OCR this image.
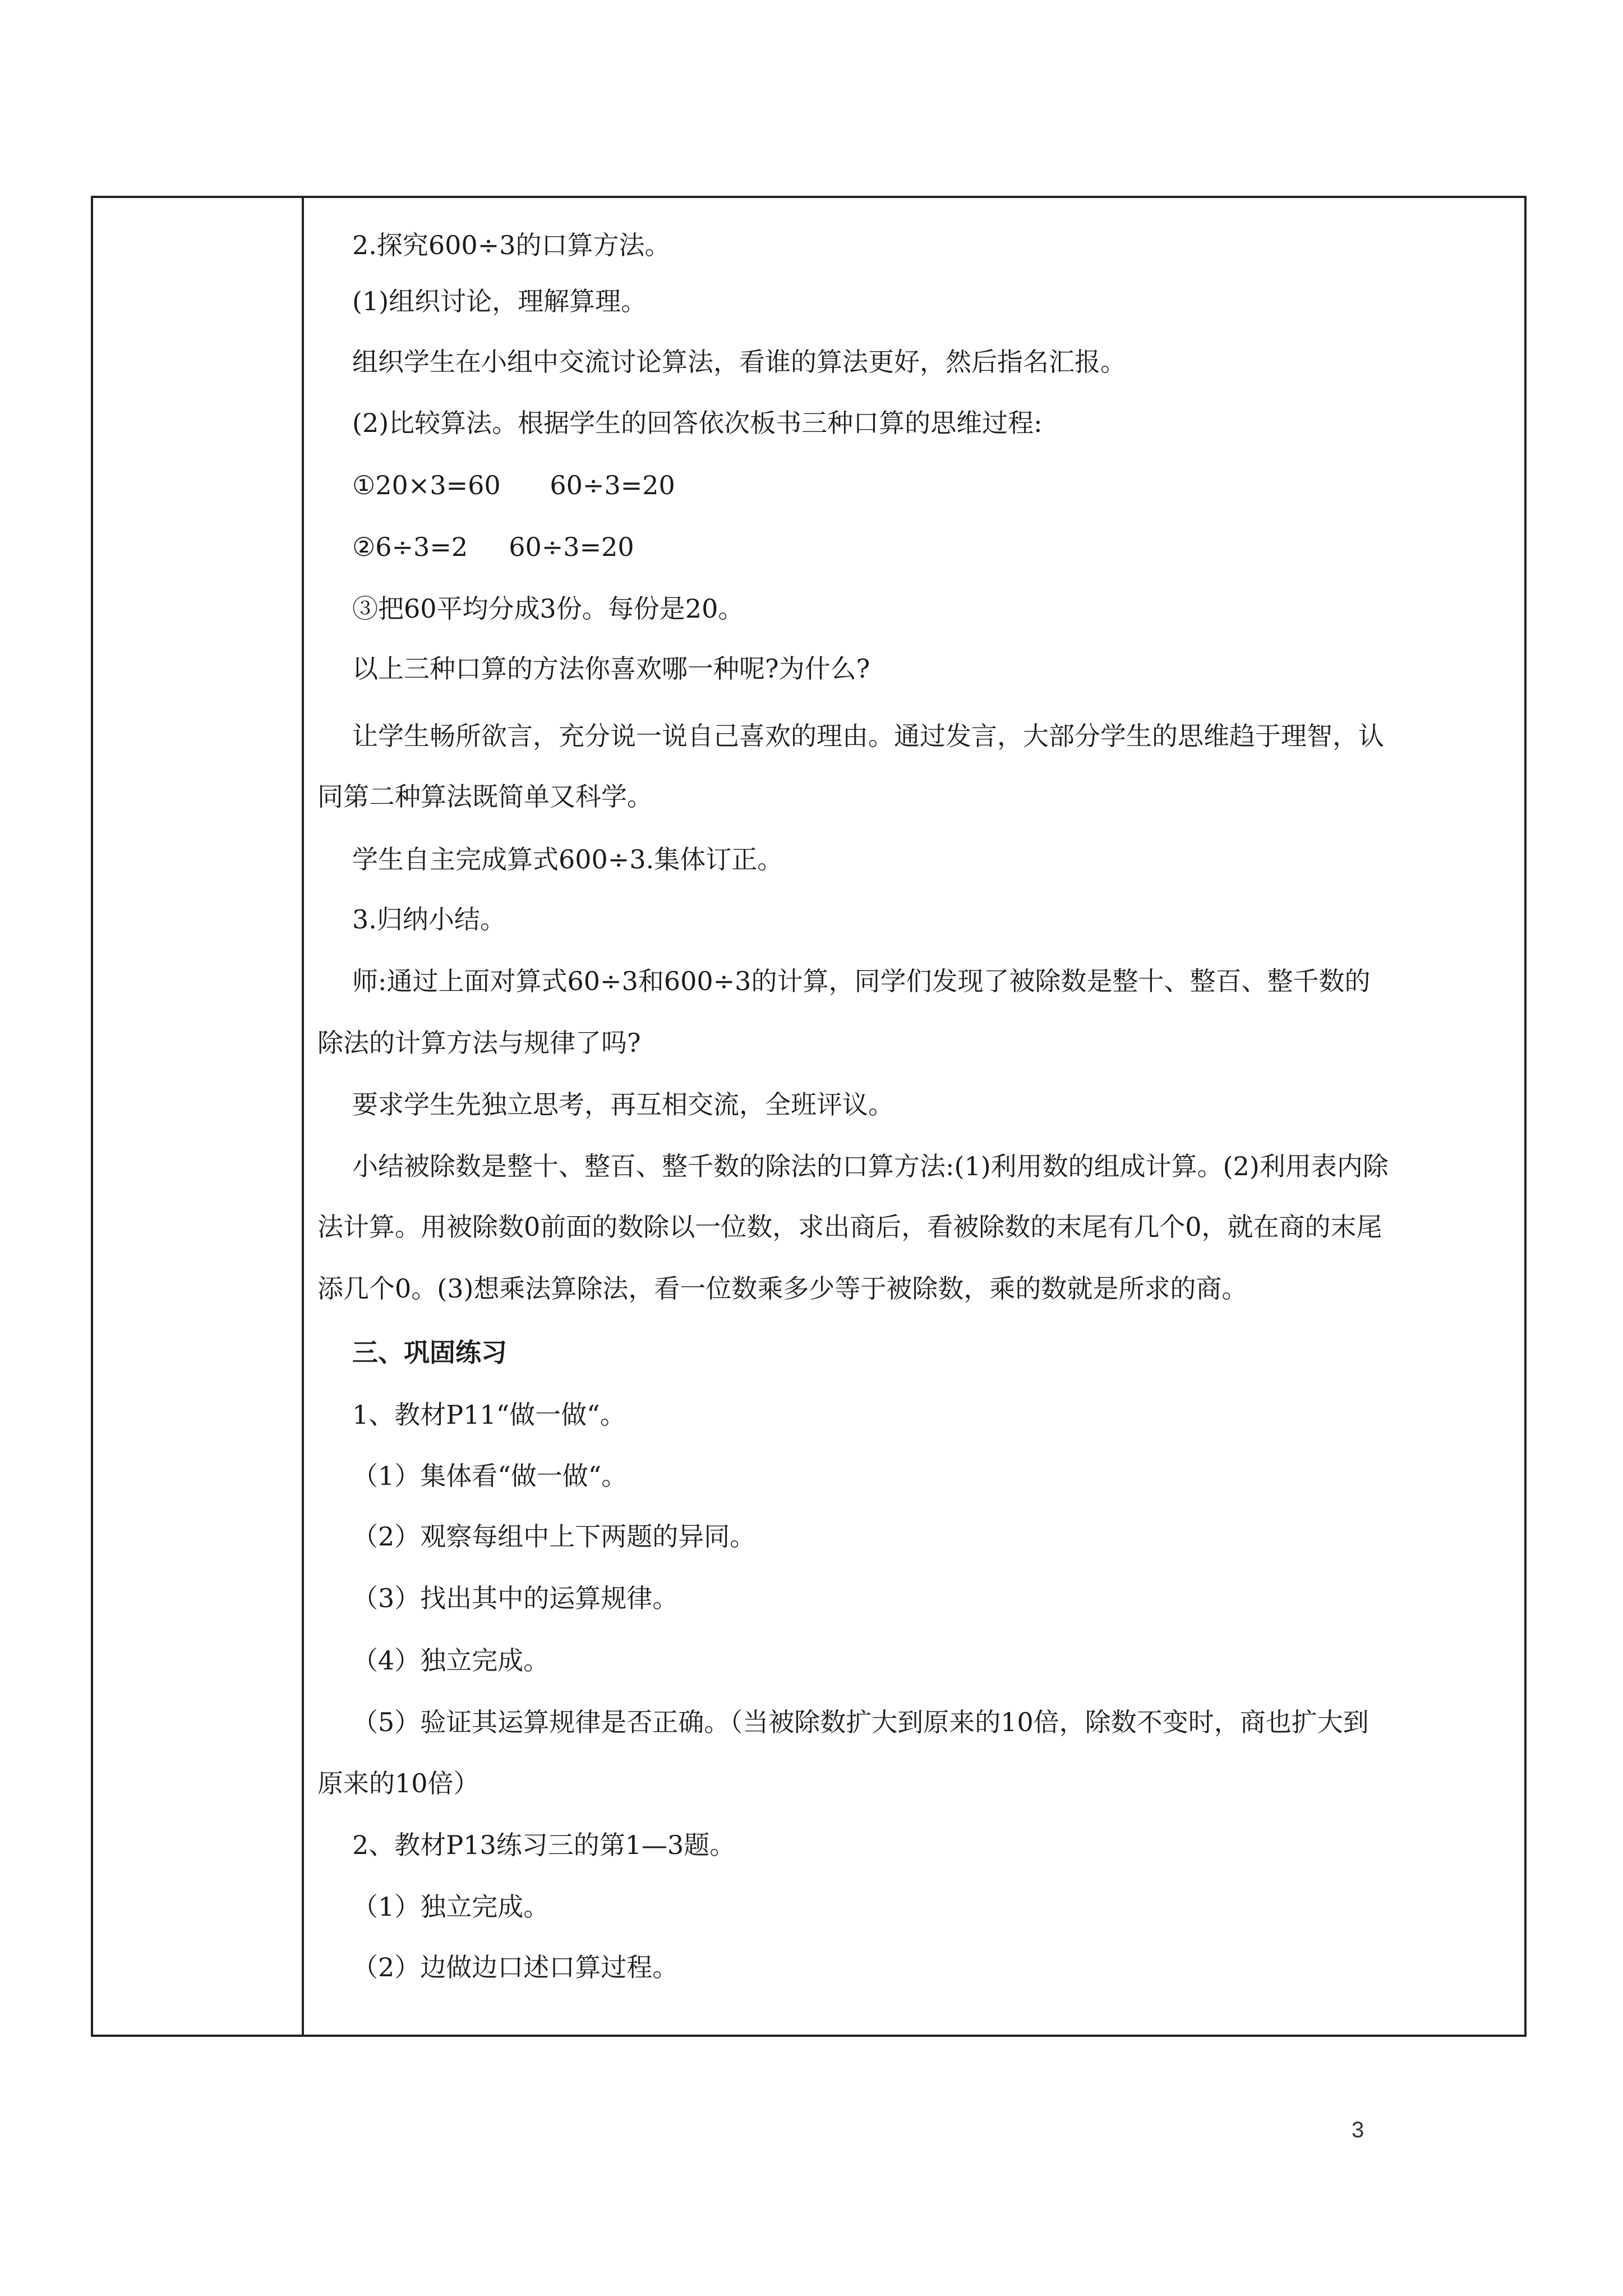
2.探究600÷3的口算方法。
(1)组织讨论，理解算理。
组织学生在小组中交流讨论算法，看谁的算法更好，然后指名汇报。
(2)比较算法。根据学生的回答依次板书三种口算的思维过程:
①20×3=60      60÷3=20
②6÷3=2     60÷3=20
③把60平均分成3份。每份是20。
以上三种口算的方法你喜欢哪一种呢?为什么?
让学生畅所欲言，充分说一说自己喜欢的理由。通过发言，大部分学生的思维趋于理智，认
同第二种算法既简单又科学。
学生自主完成算式600÷3.集体订正。
3.归纳小结。
师:通过上面对算式60÷3和600÷3的计算，同学们发现了被除数是整十、整百、整千数的
除法的计算方法与规律了吗?
要求学生先独立思考，再互相交流，全班评议。
小结被除数是整十、整百、整千数的除法的口算方法:(1)利用数的组成计算。(2)利用表内除
法计算。用被除数0前面的数除以一位数，求出商后，看被除数的末尾有几个0，就在商的末尾
添几个0。(3)想乘法算除法，看一位数乘多少等于被除数，乘的数就是所求的商。
三、巩固练习
1、教材P11“做一做“。
（1）集体看“做一做“。
（2）观察每组中上下两题的异同。
（3）找出其中的运算规律。
（4）独立完成。
（5）验证其运算规律是否正确。（当被除数扩大到原来的10倍，除数不变时，商也扩大到
原来的10倍）
2、教材P13练习三的第1—3题。
（1）独立完成。
（2）边做边口述口算过程。
3
